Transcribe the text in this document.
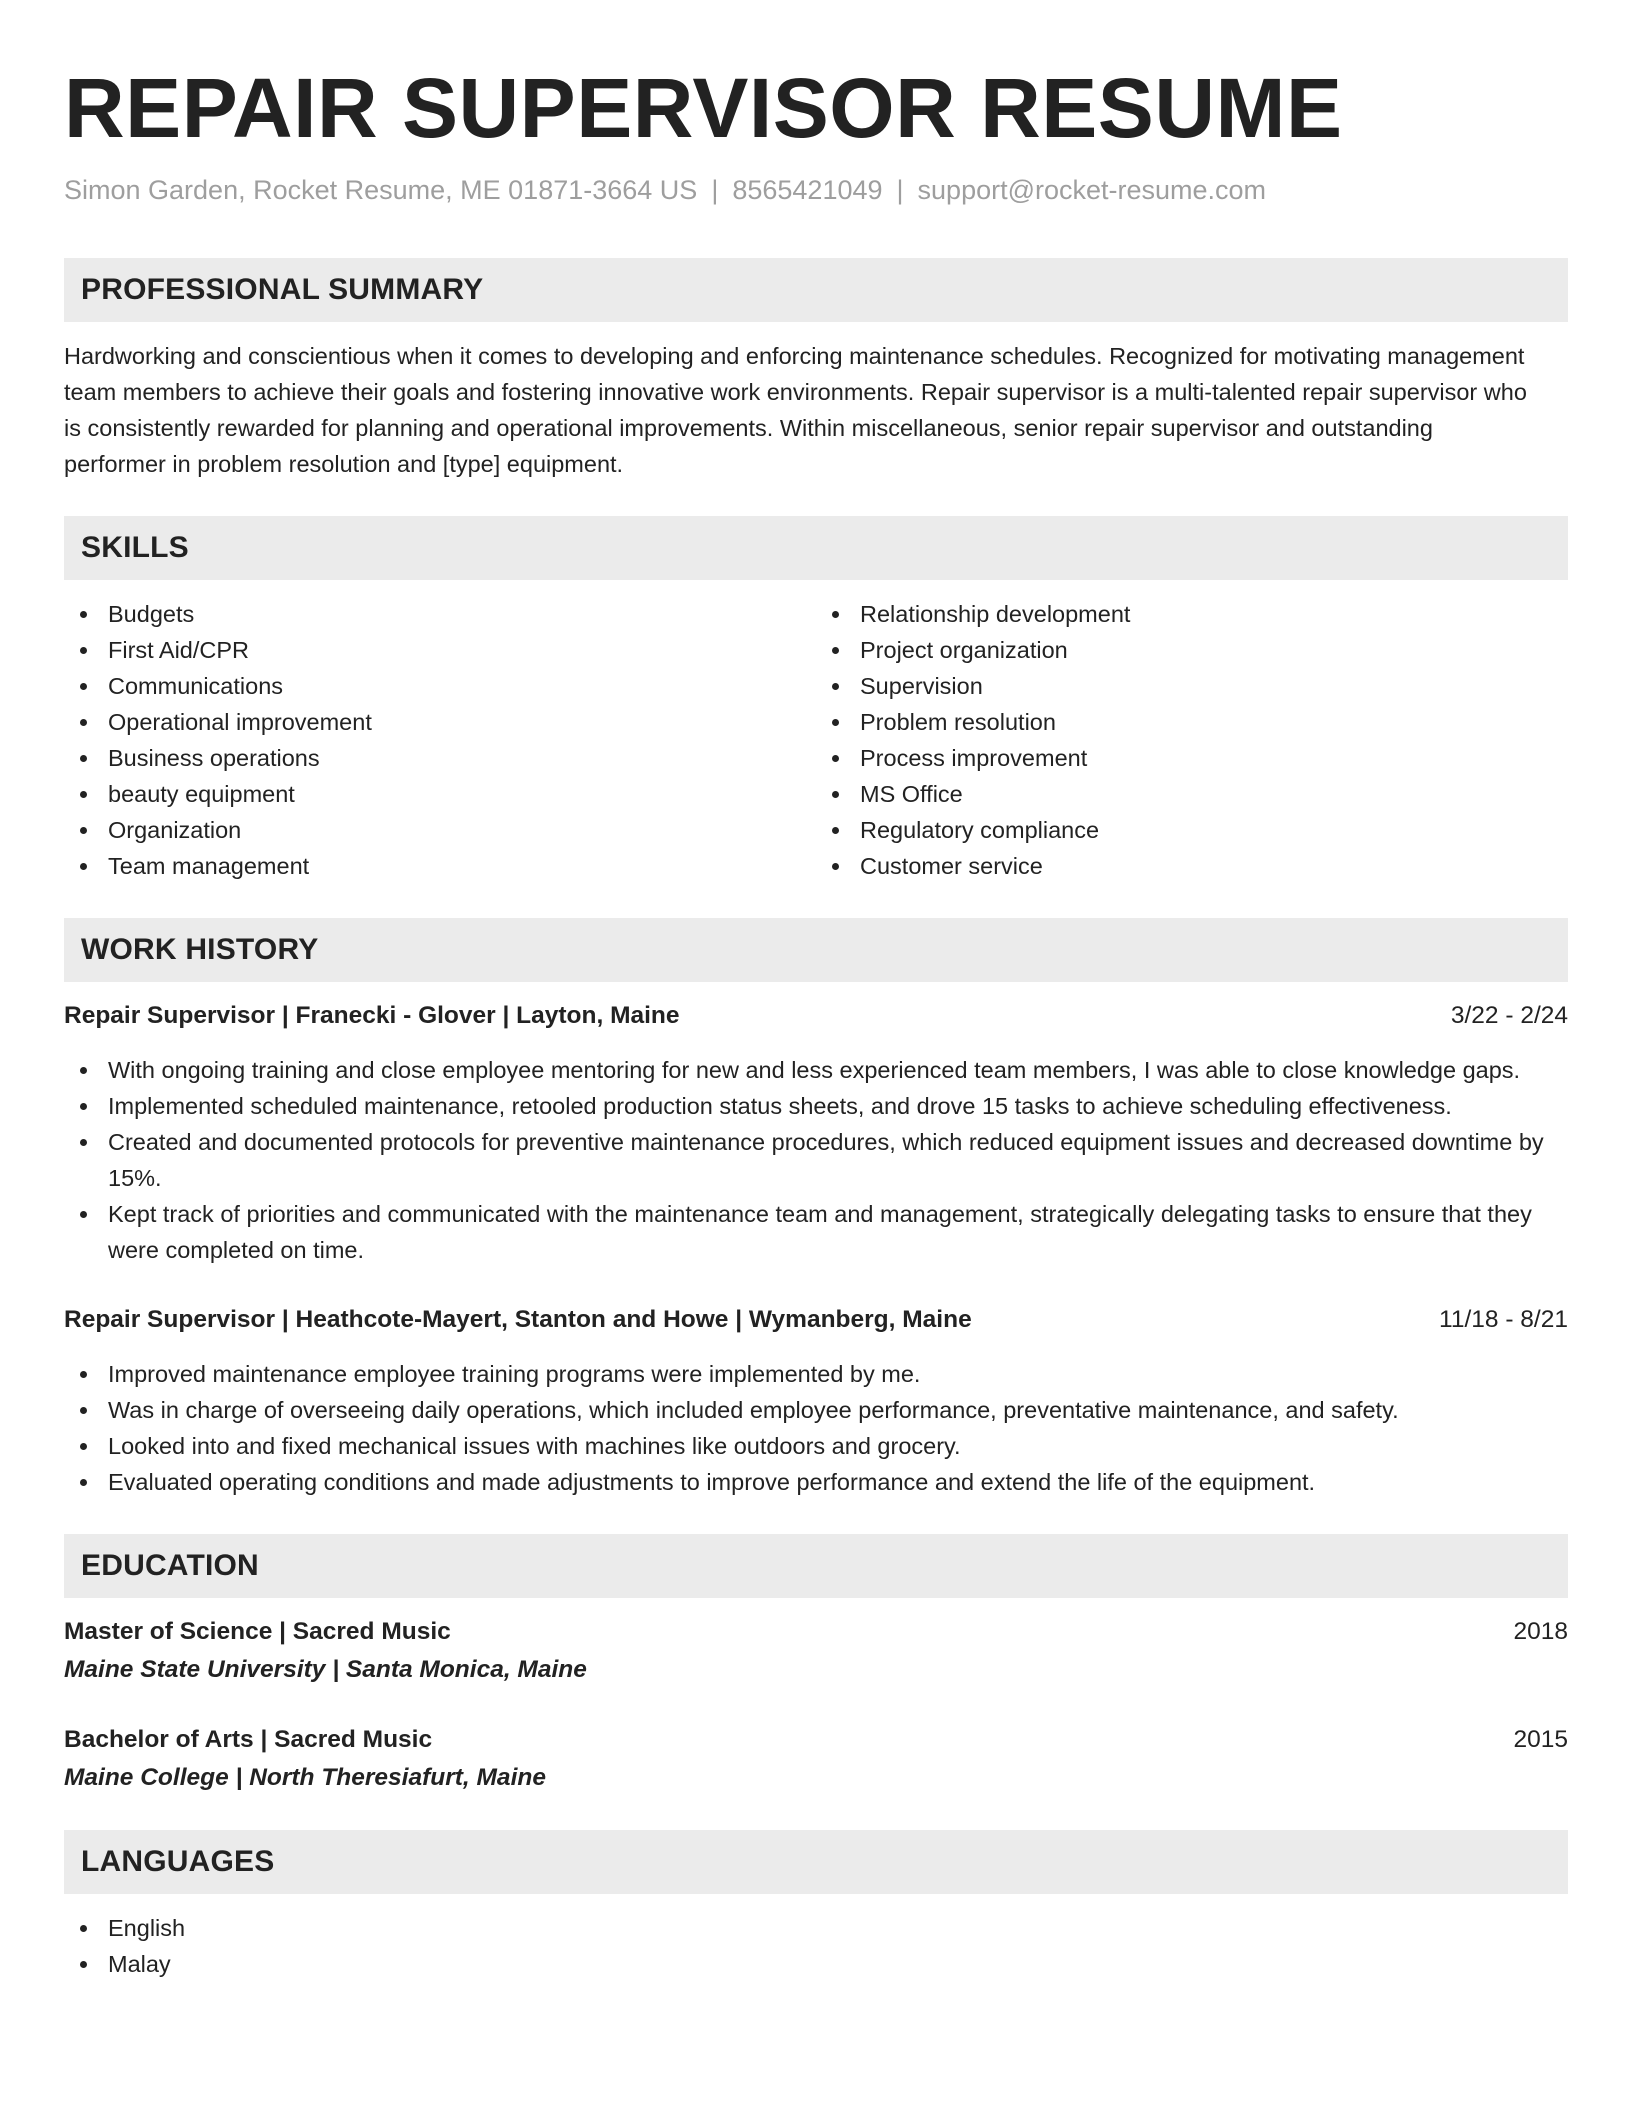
REPAIR SUPERVISOR RESUME
Simon Garden, Rocket Resume, ME 01871-3664 US | 8565421049 | support@rocket-resume.com
PROFESSIONAL SUMMARY

Hardworking and conscientious when it comes to developing and enforcing maintenance schedules. Recognized for motivating management team members to achieve their goals and fostering innovative work environments. Repair supervisor is a multi-talented repair supervisor who is consistently rewarded for planning and operational improvements. Within miscellaneous, senior repair supervisor and outstanding performer in problem resolution and [type] equipment.

SKILLS
Budgets
First Aid/CPR
Communications
Operational improvement
Business operations
beauty equipment
Organization
Team management
Relationship development
Project organization
Supervision
Problem resolution
Process improvement
MS Office
Regulatory compliance
Customer service
WORK HISTORY
Repair Supervisor | Franecki - Glover | Layton, Maine	3/22 - 2/24
With ongoing training and close employee mentoring for new and less experienced team members, I was able to close knowledge gaps.
Implemented scheduled maintenance, retooled production status sheets, and drove 15 tasks to achieve scheduling effectiveness.
Created and documented protocols for preventive maintenance procedures, which reduced equipment issues and decreased downtime by 15%.
Kept track of priorities and communicated with the maintenance team and management, strategically delegating tasks to ensure that they were completed on time.
Repair Supervisor | Heathcote-Mayert, Stanton and Howe | Wymanberg, Maine	11/18 - 8/21
Improved maintenance employee training programs were implemented by me.
Was in charge of overseeing daily operations, which included employee performance, preventative maintenance, and safety.
Looked into and fixed mechanical issues with machines like outdoors and grocery.
Evaluated operating conditions and made adjustments to improve performance and extend the life of the equipment.
EDUCATION
Master of Science | Sacred Music	2018
Maine State University | Santa Monica, Maine
Bachelor of Arts | Sacred Music	2015
Maine College | North Theresiafurt, Maine
LANGUAGES
English
Malay
